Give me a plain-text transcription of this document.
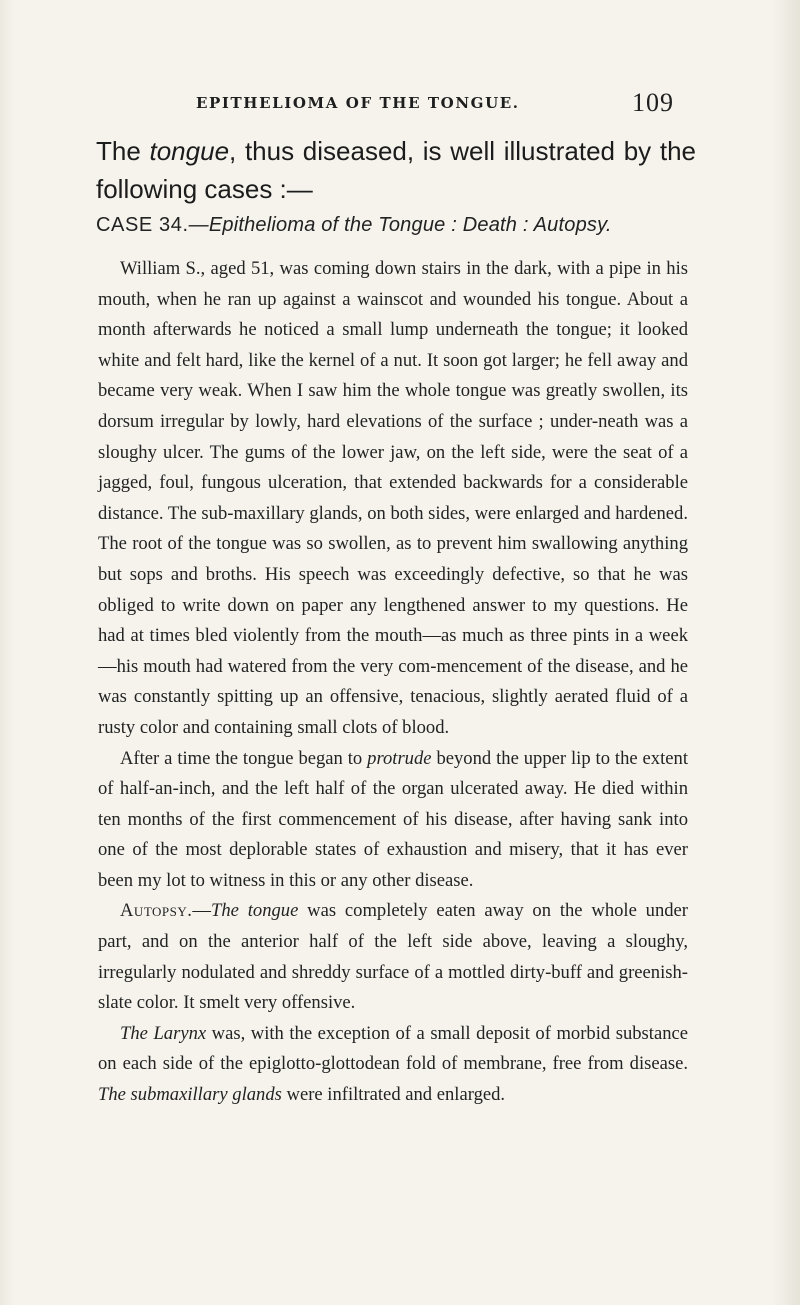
EPITHELIOMA OF THE TONGUE.	109

The tongue, thus diseased, is well illustrated by the following cases :—

CASE 34.—Epithelioma of the Tongue : Death : Autopsy.

William S., aged 51, was coming down stairs in the dark, with a pipe in his mouth, when he ran up against a wainscot and wounded his tongue. About a month afterwards he noticed a small lump underneath the tongue; it looked white and felt hard, like the kernel of a nut. It soon got larger; he fell away and became very weak. When I saw him the whole tongue was greatly swollen, its dorsum irregular by lowly, hard elevations of the surface ; under-neath was a sloughy ulcer. The gums of the lower jaw, on the left side, were the seat of a jagged, foul, fungous ulceration, that extended backwards for a considerable distance. The sub-maxillary glands, on both sides, were enlarged and hardened. The root of the tongue was so swollen, as to prevent him swallowing anything but sops and broths. His speech was exceedingly defective, so that he was obliged to write down on paper any lengthened answer to my questions. He had at times bled violently from the mouth—as much as three pints in a week—his mouth had watered from the very com-mencement of the disease, and he was constantly spitting up an offensive, tenacious, slightly aerated fluid of a rusty color and containing small clots of blood.

After a time the tongue began to protrude beyond the upper lip to the extent of half-an-inch, and the left half of the organ ulcerated away. He died within ten months of the first commencement of his disease, after having sank into one of the most deplorable states of exhaustion and misery, that it has ever been my lot to witness in this or any other disease.

Autopsy.—The tongue was completely eaten away on the whole under part, and on the anterior half of the left side above, leaving a sloughy, irregularly nodulated and shreddy surface of a mottled dirty-buff and greenish-slate color. It smelt very offensive.

The Larynx was, with the exception of a small deposit of morbid substance on each side of the epiglotto-glottodean fold of membrane, free from disease. The submaxillary glands were infiltrated and enlarged.
